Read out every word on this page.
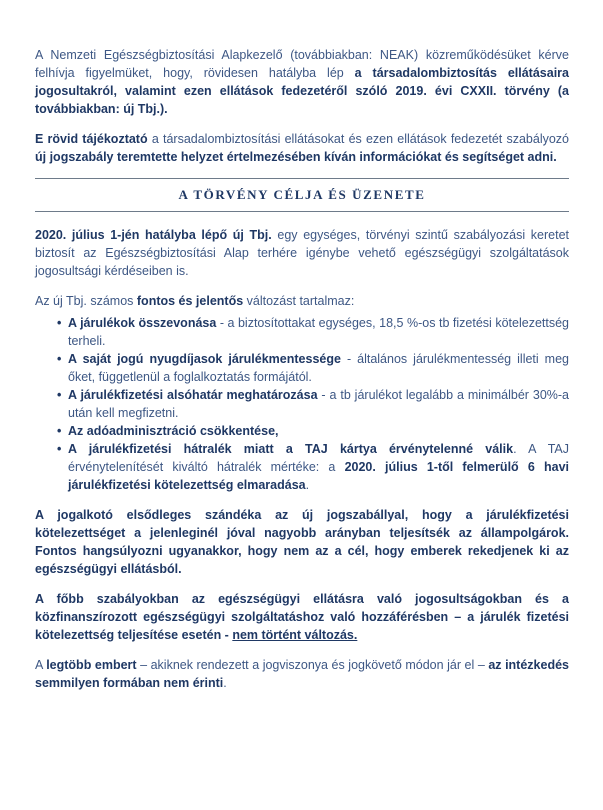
A Nemzeti Egészségbiztosítási Alapkezelő (továbbiakban: NEAK) közreműködésüket kérve felhívja figyelmüket, hogy, rövidesen hatályba lép a társadalombiztosítás ellátásaira jogosultakról, valamint ezen ellátások fedezetéről szóló 2019. évi CXXII. törvény (a továbbiakban: új Tbj.).

E rövid tájékoztató a társadalombiztosítási ellátásokat és ezen ellátások fedezetét szabályozó új jogszabály teremtette helyzet értelmezésében kíván információkat és segítséget adni.

A TÖRVÉNY CÉLJA ÉS ÜZENETE

2020. július 1-jén hatályba lépő új Tbj. egy egységes, törvényi szintű szabályozási keretet biztosít az Egészségbiztosítási Alap terhére igénybe vehető egészségügyi szolgáltatások jogosultsági kérdéseiben is.

Az új Tbj. számos fontos és jelentős változást tartalmaz:

• A járulékok összevonása - a biztosítottakat egységes, 18,5 %-os tb fizetési kötelezettség terheli.
• A saját jogú nyugdíjasok járulékmentessége - általános járulékmentesség illeti meg őket, függetlenül a foglalkoztatás formájától.
• A járulékfizetési alsóhatár meghatározása - a tb járulékot legalább a minimálbér 30%-a után kell megfizetni.
• Az adóadminisztráció csökkentése,
• A járulékfizetési hátralék miatt a TAJ kártya érvénytelenné válik. A TAJ érvénytelenítését kiváltó hátralék mértéke: a 2020. július 1-től felmerülő 6 havi járulékfizetési kötelezettség elmaradása.

A jogalkotó elsődleges szándéka az új jogszabállyal, hogy a járulékfizetési kötelezettséget a jelenleginél jóval nagyobb arányban teljesítsék az állampolgárok. Fontos hangsúlyozni ugyanakkor, hogy nem az a cél, hogy emberek rekedjenek ki az egészségügyi ellátásból.

A főbb szabályokban az egészségügyi ellátásra való jogosultságokban és a közfinanszírozott egészségügyi szolgáltatáshoz való hozzáférésben – a járulék fizetési kötelezettség teljesítése esetén - nem történt változás.

A legtöbb embert – akiknek rendezett a jogviszonya és jogkövető módon jár el – az intézkedés semmilyen formában nem érinti.
